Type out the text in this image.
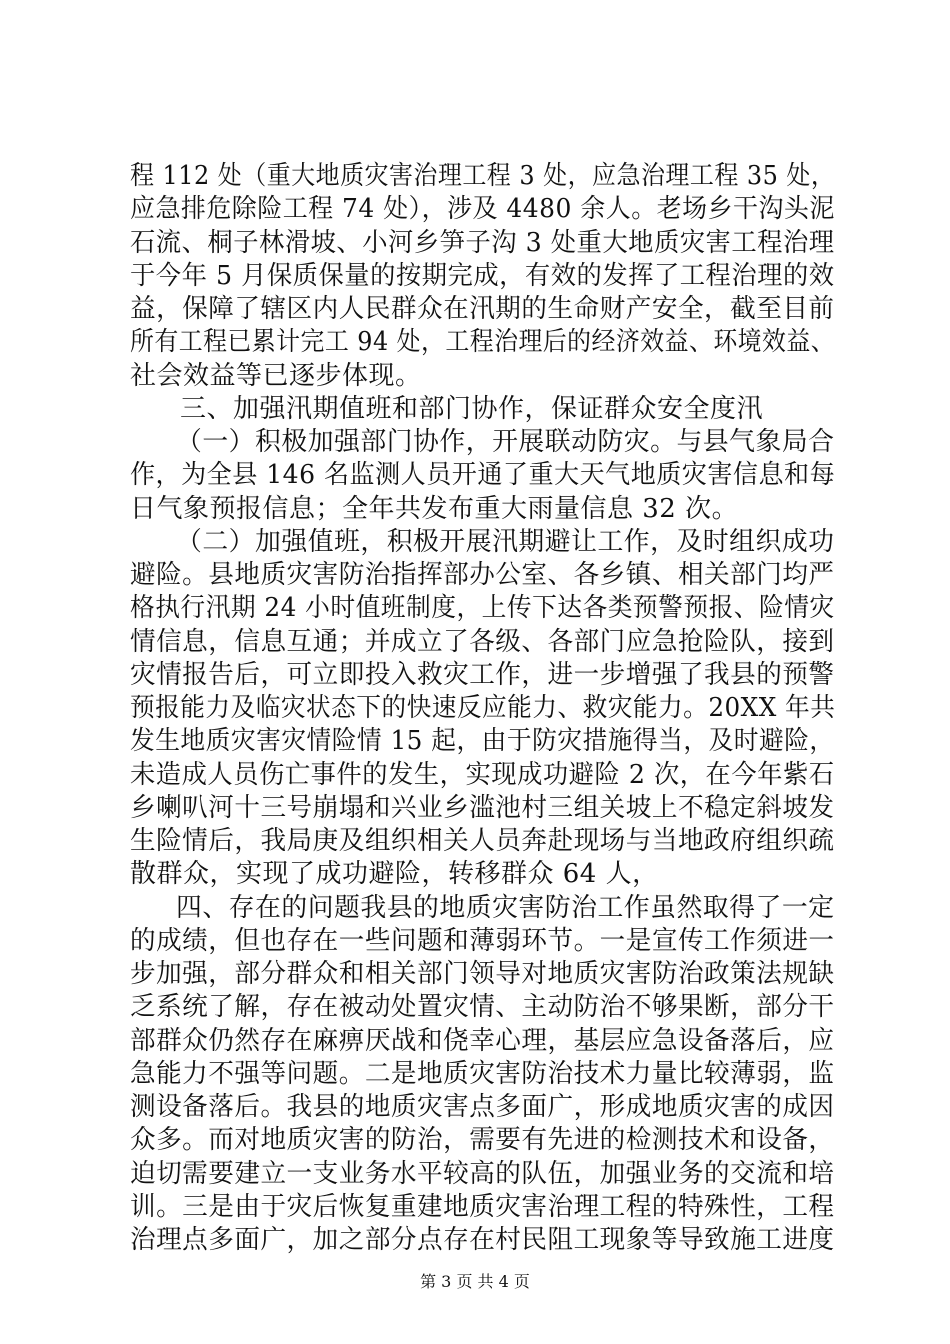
程 112 处（重大地质灾害治理工程 3 处，应急治理工程 35 处，
应急排危除险工程 74 处），涉及 4480 余人。老场乡干沟头泥
石流、桐子林滑坡、小河乡笋子沟 3 处重大地质灾害工程治理
于今年 5 月保质保量的按期完成，有效的发挥了工程治理的效
益，保障了辖区内人民群众在汛期的生命财产安全，截至目前
所有工程已累计完工 94 处，工程治理后的经济效益、环境效益、
社会效益等已逐步体现。
三、加强汛期值班和部门协作，保证群众安全度汛
（一）积极加强部门协作，开展联动防灾。与县气象局合
作，为全县 146 名监测人员开通了重大天气地质灾害信息和每
日气象预报信息；全年共发布重大雨量信息 32 次。
（二）加强值班，积极开展汛期避让工作，及时组织成功
避险。县地质灾害防治指挥部办公室、各乡镇、相关部门均严
格执行汛期 24 小时值班制度，上传下达各类预警预报、险情灾
情信息，信息互通；并成立了各级、各部门应急抢险队，接到
灾情报告后，可立即投入救灾工作，进一步增强了我县的预警
预报能力及临灾状态下的快速反应能力、救灾能力。20XX 年共
发生地质灾害灾情险情 15 起，由于防灾措施得当，及时避险，
未造成人员伤亡事件的发生，实现成功避险 2 次，在今年紫石
乡喇叭河十三号崩塌和兴业乡滥池村三组关坡上不稳定斜坡发
生险情后，我局庚及组织相关人员奔赴现场与当地政府组织疏
散群众，实现了成功避险，转移群众 64 人，
四、存在的问题我县的地质灾害防治工作虽然取得了一定
的成绩，但也存在一些问题和薄弱环节。一是宣传工作须进一
步加强，部分群众和相关部门领导对地质灾害防治政策法规缺
乏系统了解，存在被动处置灾情、主动防治不够果断，部分干
部群众仍然存在麻痹厌战和侥幸心理，基层应急设备落后，应
急能力不强等问题。二是地质灾害防治技术力量比较薄弱，监
测设备落后。我县的地质灾害点多面广，形成地质灾害的成因
众多。而对地质灾害的防治，需要有先进的检测技术和设备，
迫切需要建立一支业务水平较高的队伍，加强业务的交流和培
训。三是由于灾后恢复重建地质灾害治理工程的特殊性，工程
治理点多面广，加之部分点存在村民阻工现象等导致施工进度
第 3 页 共 4 页
